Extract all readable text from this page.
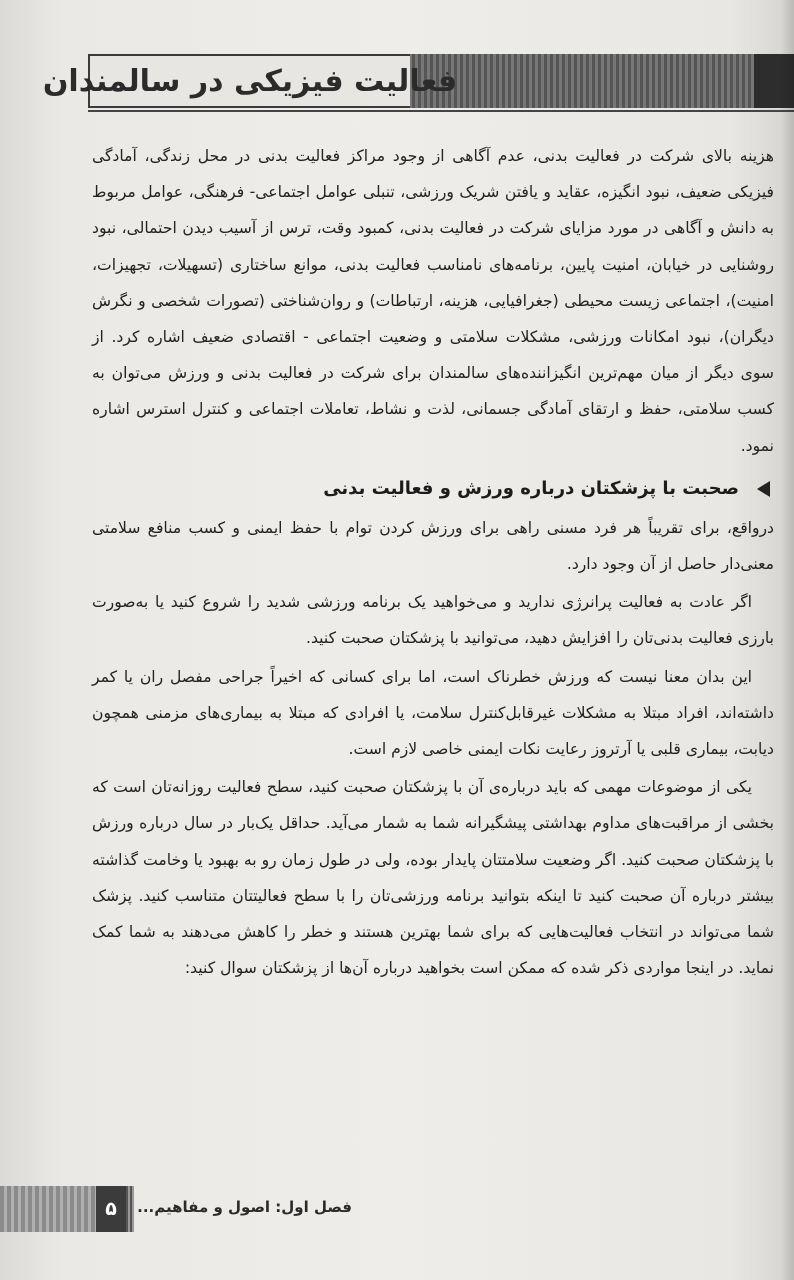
فعالیت فیزیکی در سالمندان

هزینه بالای شرکت در فعالیت بدنی، عدم آگاهی از وجود مراکز فعالیت بدنی در محل زندگی، آمادگی فیزیکی ضعیف، نبود انگیزه، عقاید و یافتن شریک ورزشی، تنبلی عوامل اجتماعی- فرهنگی، عوامل مربوط به دانش و آگاهی در مورد مزایای شرکت در فعالیت بدنی، کمبود وقت، ترس از آسیب دیدن احتمالی، نبود روشنایی در خیابان، امنیت پایین، برنامه‌های نامناسب فعالیت بدنی، موانع ساختاری (تسهیلات، تجهیزات، امنیت)، اجتماعی زیست محیطی (جغرافیایی، هزینه، ارتباطات) و روان‌شناختی (تصورات شخصی و نگرش دیگران)، نبود امکانات ورزشی، مشکلات سلامتی و وضعیت اجتماعی - اقتصادی ضعیف اشاره کرد. از سوی دیگر از میان مهم‌ترین انگیزاننده‌های سالمندان برای شرکت در فعالیت بدنی و ورزش می‌توان به کسب سلامتی، حفظ و ارتقای آمادگی جسمانی، لذت و نشاط، تعاملات اجتماعی و کنترل استرس اشاره نمود.

صحبت با پزشکتان درباره ورزش و فعالیت بدنی

درواقع، برای تقریباً هر فرد مسنی راهی برای ورزش کردن توام با حفظ ایمنی و کسب منافع سلامتی معنی‌دار حاصل از آن وجود دارد.

اگر عادت به فعالیت پرانرژی ندارید و می‌خواهید یک برنامه ورزشی شدید را شروع کنید یا به‌صورت بارزی فعالیت بدنی‌تان را افزایش دهید، می‌توانید با پزشکتان صحبت کنید.

این بدان معنا نیست که ورزش خطرناک است، اما برای کسانی که اخیراً جراحی مفصل ران یا کمر داشته‌اند، افراد مبتلا به مشکلات غیرقابل‌کنترل سلامت، یا افرادی که مبتلا به بیماری‌های مزمنی همچون دیابت، بیماری قلبی یا آرتروز رعایت نکات ایمنی خاصی لازم است.

یکی از موضوعات مهمی که باید درباره‌ی آن با پزشکتان صحبت کنید، سطح فعالیت روزانه‌تان است که بخشی از مراقبت‌های مداوم بهداشتی پیشگیرانه شما به شمار می‌آید. حداقل یک‌بار در سال درباره ورزش با پزشکتان صحبت کنید. اگر وضعیت سلامتتان پایدار بوده، ولی در طول زمان رو به بهبود یا وخامت گذاشته بیشتر درباره آن صحبت کنید تا اینکه بتوانید برنامه ورزشی‌تان را با سطح فعالیتتان متناسب کنید. پزشک شما می‌تواند در انتخاب فعالیت‌هایی که برای شما بهترین هستند و خطر را کاهش می‌دهند به شما کمک نماید. در اینجا مواردی ذکر شده که ممکن است بخواهید درباره آن‌ها از پزشکتان سوال کنید:

۵	فصل اول: اصول و مفاهیم...
